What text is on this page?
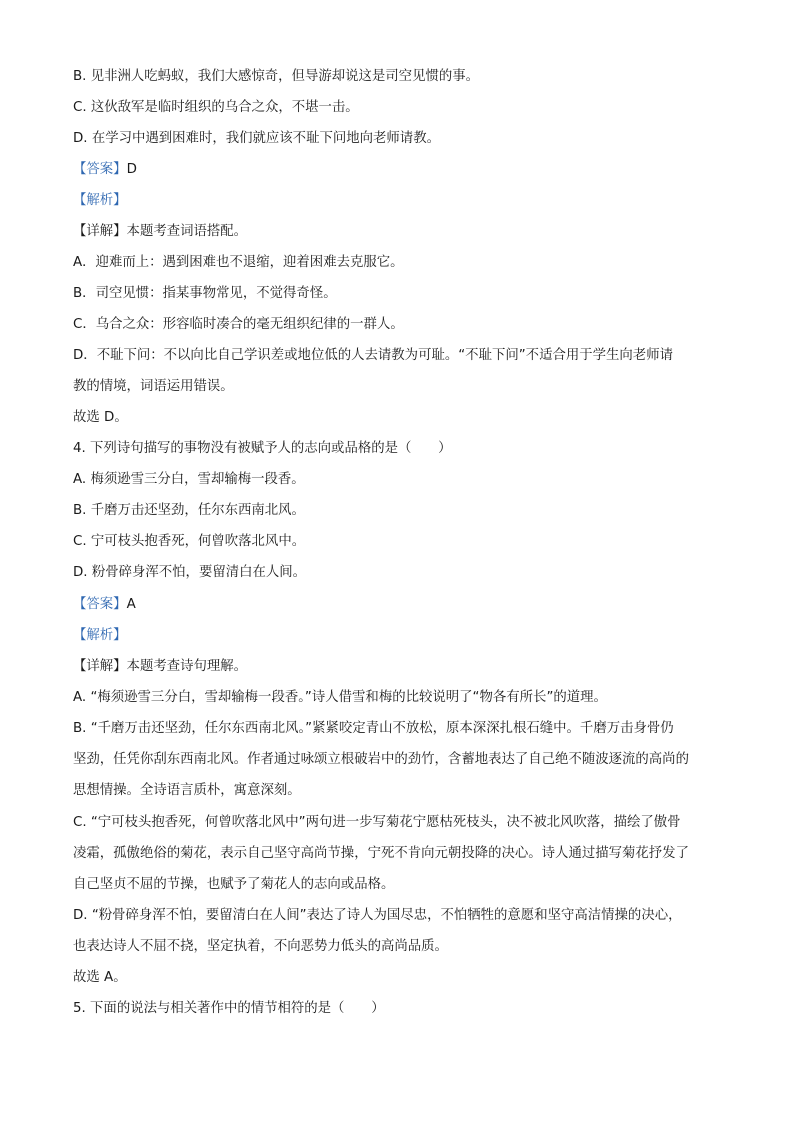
B. 见非洲人吃蚂蚁，我们大感惊奇，但导游却说这是司空见惯的事。
C. 这伙敌军是临时组织的乌合之众，不堪一击。
D. 在学习中遇到困难时，我们就应该不耻下问地向老师请教。
【答案】D
【解析】
【详解】本题考查词语搭配。
A．迎难而上：遇到困难也不退缩，迎着困难去克服它。
B．司空见惯：指某事物常见，不觉得奇怪。
C．乌合之众：形容临时凑合的毫无组织纪律的一群人。
D．不耻下问：不以向比自己学识差或地位低的人去请教为可耻。“不耻下问”不适合用于学生向老师请
教的情境，词语运用错误。
故选 D。
4. 下列诗句描写的事物没有被赋予人的志向或品格的是（　　）
A. 梅须逊雪三分白，雪却输梅一段香。
B. 千磨万击还坚劲，任尔东西南北风。
C. 宁可枝头抱香死，何曾吹落北风中。
D. 粉骨碎身浑不怕，要留清白在人间。
【答案】A
【解析】
【详解】本题考查诗句理解。
A. “梅须逊雪三分白，雪却输梅一段香。”诗人借雪和梅的比较说明了“物各有所长”的道理。
B. “千磨万击还坚劲，任尔东西南北风。”紧紧咬定青山不放松，原本深深扎根石缝中。千磨万击身骨仍
坚劲，任凭你刮东西南北风。作者通过咏颂立根破岩中的劲竹，含蓄地表达了自己绝不随波逐流的高尚的
思想情操。全诗语言质朴，寓意深刻。
C. “宁可枝头抱香死，何曾吹落北风中”两句进一步写菊花宁愿枯死枝头，决不被北风吹落，描绘了傲骨
凌霜，孤傲绝俗的菊花，表示自己坚守高尚节操，宁死不肯向元朝投降的决心。诗人通过描写菊花抒发了
自己坚贞不屈的节操，也赋予了菊花人的志向或品格。
D. “粉骨碎身浑不怕，要留清白在人间”表达了诗人为国尽忠，不怕牺牲的意愿和坚守高洁情操的决心，
也表达诗人不屈不挠，坚定执着，不向恶势力低头的高尚品质。
故选 A。
5. 下面的说法与相关著作中的情节相符的是（　　）
